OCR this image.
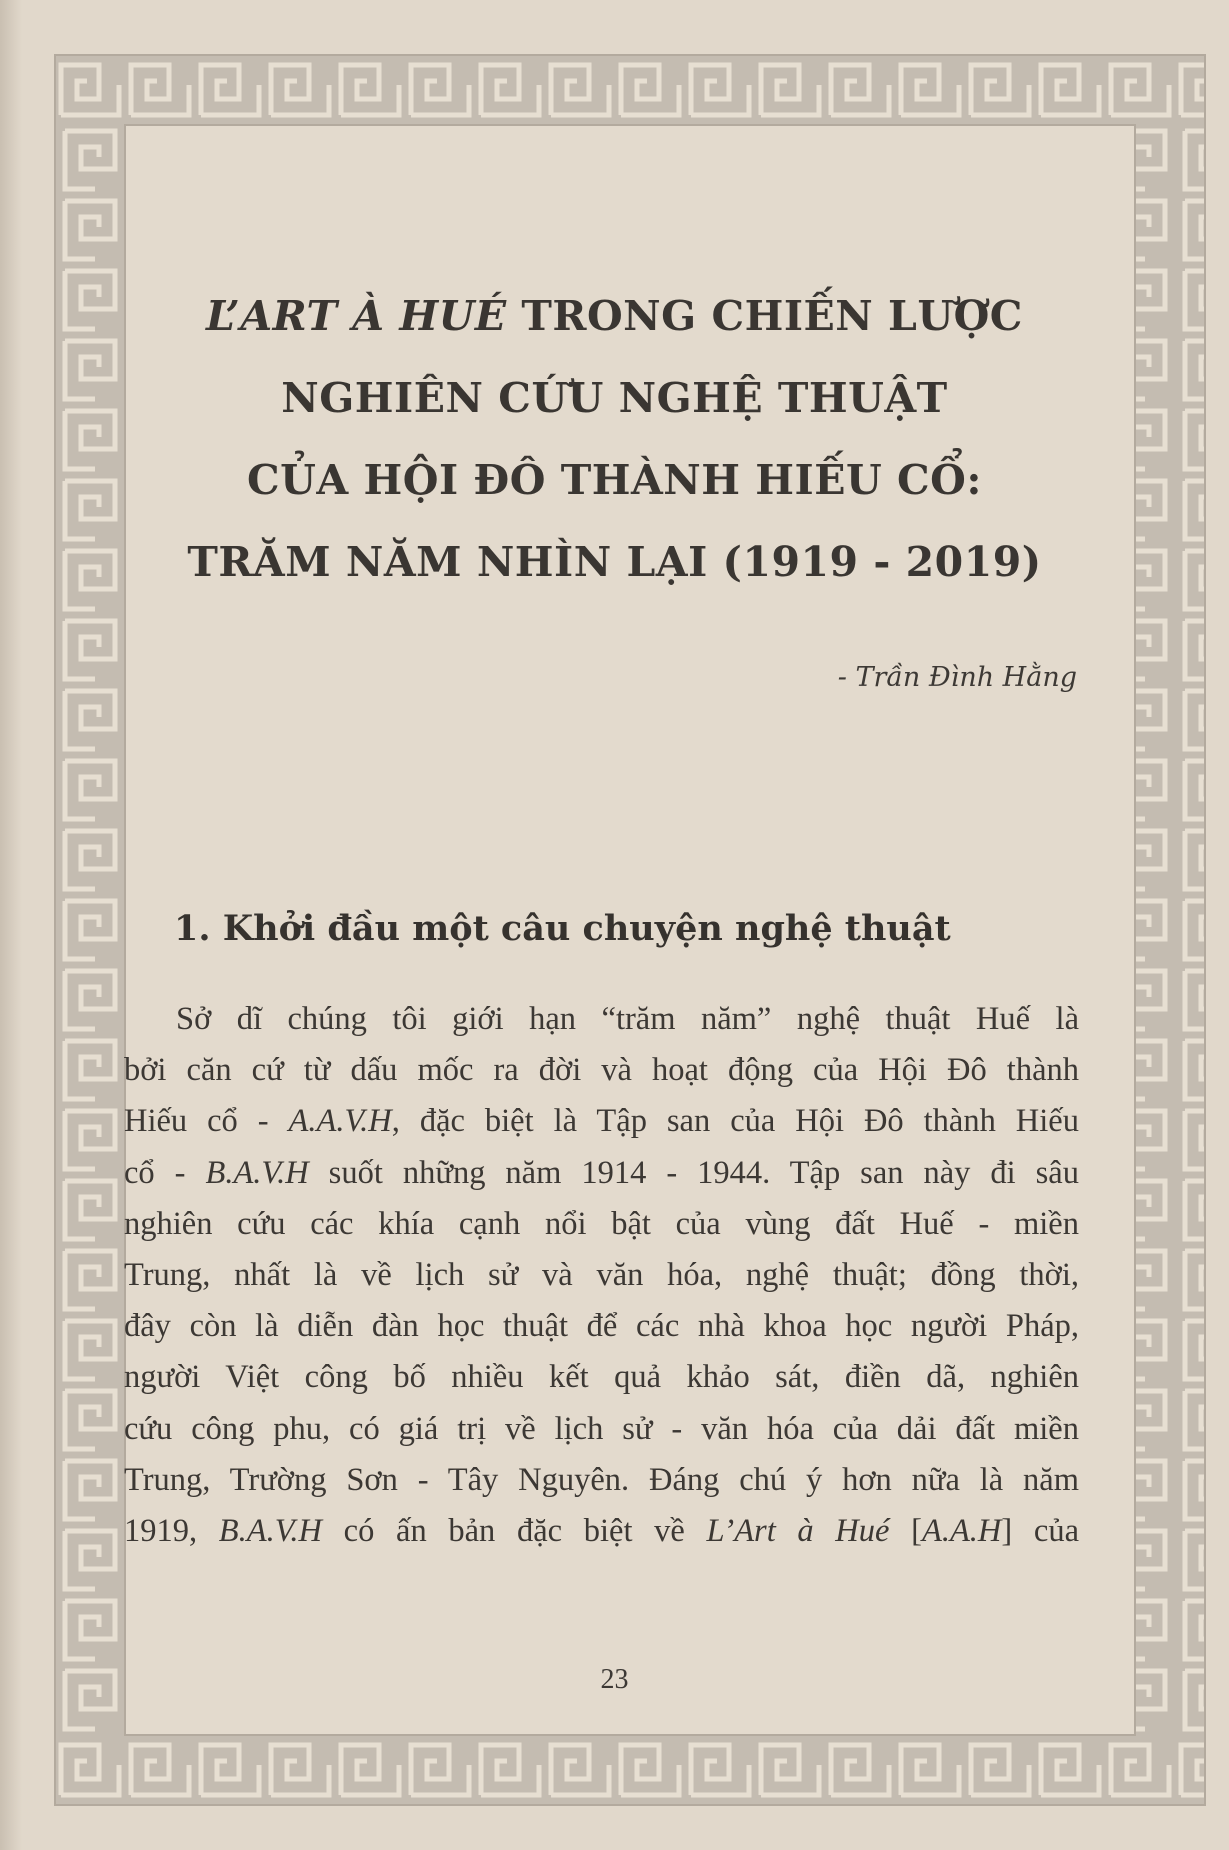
L’ART À HUÉ TRONG CHIẾN LƯỢC
NGHIÊN CỨU NGHỆ THUẬT
CỦA HỘI ĐÔ THÀNH HIẾU CỔ:
TRĂM NĂM NHÌN LẠI (1919 - 2019)
- Trần Đình Hằng
1. Khởi đầu một câu chuyện nghệ thuật
Sở dĩ chúng tôi giới hạn “trăm năm” nghệ thuật Huế là
bởi căn cứ từ dấu mốc ra đời và hoạt động của Hội Đô thành
Hiếu cổ - A.A.V.H, đặc biệt là Tập san của Hội Đô thành Hiếu
cổ - B.A.V.H suốt những năm 1914 - 1944. Tập san này đi sâu
nghiên cứu các khía cạnh nổi bật của vùng đất Huế - miền
Trung, nhất là về lịch sử và văn hóa, nghệ thuật; đồng thời,
đây còn là diễn đàn học thuật để các nhà khoa học người Pháp,
người Việt công bố nhiều kết quả khảo sát, điền dã, nghiên
cứu công phu, có giá trị về lịch sử - văn hóa của dải đất miền
Trung, Trường Sơn - Tây Nguyên. Đáng chú ý hơn nữa là năm
1919, B.A.V.H có ấn bản đặc biệt về L’Art à Hué [A.A.H] của
23
